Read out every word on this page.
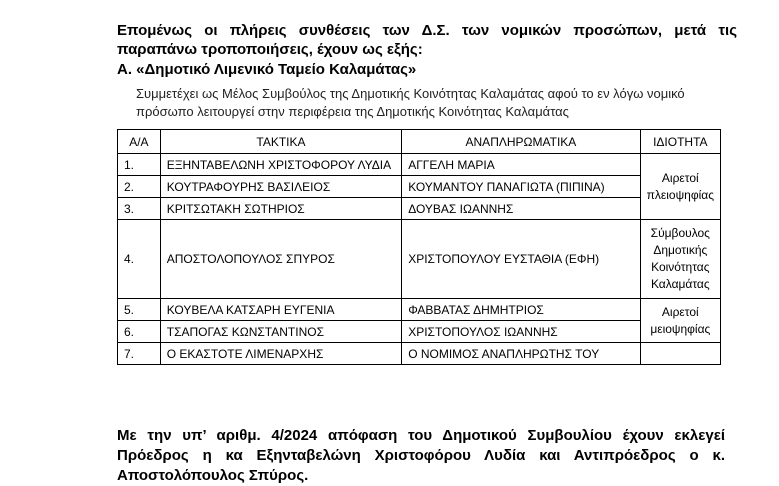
Επομένως οι πλήρεις συνθέσεις των Δ.Σ. των νομικών προσώπων, μετά τις παραπάνω τροποποιήσεις, έχουν ως εξής:

Α. «Δημοτικό Λιμενικό Ταμείο Καλαμάτας»
Συμμετέχει ως Μέλος Συμβούλος της Δημοτικής Κοινότητας Καλαμάτας αφού το εν λόγω νομικό πρόσωπο λειτουργεί στην περιφέρεια της Δημοτικής Κοινότητας Καλαμάτας
Α/Α	ΤΑΚΤΙΚΑ	ΑΝΑΠΛΗΡΩΜΑΤΙΚΑ	ΙΔΙΟΤΗΤΑ
1.	ΕΞΗΝΤΑΒΕΛΩΝΗ ΧΡΙΣΤΟΦΟΡΟΥ ΛΥΔΙΑ	ΑΓΓΕΛΗ ΜΑΡΙΑ	Αιρετοί πλειοψηφίας
2.	ΚΟΥΤΡΑΦΟΥΡΗΣ ΒΑΣΙΛΕΙΟΣ	ΚΟΥΜΑΝΤΟΥ ΠΑΝΑΓΙΩΤΑ (ΠΙΠΙΝΑ)	
3.	ΚΡΙΤΣΩΤΑΚΗ ΣΩΤΗΡΙΟΣ	ΔΟΥΒΑΣ ΙΩΑΝΝΗΣ	
4.	ΑΠΟΣΤΟΛΟΠΟΥΛΟΣ ΣΠΥΡΟΣ	ΧΡΙΣΤΟΠΟΥΛΟΥ ΕΥΣΤΑΘΙΑ (ΕΦΗ)	Σύμβουλος Δημοτικής Κοινότητας Καλαμάτας
5.	ΚΟΥΒΕΛΑ ΚΑΤΣΑΡΗ ΕΥΓΕΝΙΑ	ΦΑΒΒΑΤΑΣ ΔΗΜΗΤΡΙΟΣ	Αιρετοί μειοψηφίας
6.	ΤΣΑΠΟΓΑΣ ΚΩΝΣΤΑΝΤΙΝΟΣ	ΧΡΙΣΤΟΠΟΥΛΟΣ ΙΩΑΝΝΗΣ	
7.	Ο ΕΚΑΣΤΟΤΕ ΛΙΜΕΝΑΡΧΗΣ	Ο ΝΟΜΙΜΟΣ ΑΝΑΠΛΗΡΩΤΗΣ ΤΟΥ	

Με την υπ’ αριθμ. 4/2024 απόφαση του Δημοτικού Συμβουλίου έχουν εκλεγεί Πρόεδρος η κα Εξηνταβελώνη Χριστοφόρου Λυδία και Αντιπρόεδρος ο κ. Αποστολόπουλος Σπύρος.
